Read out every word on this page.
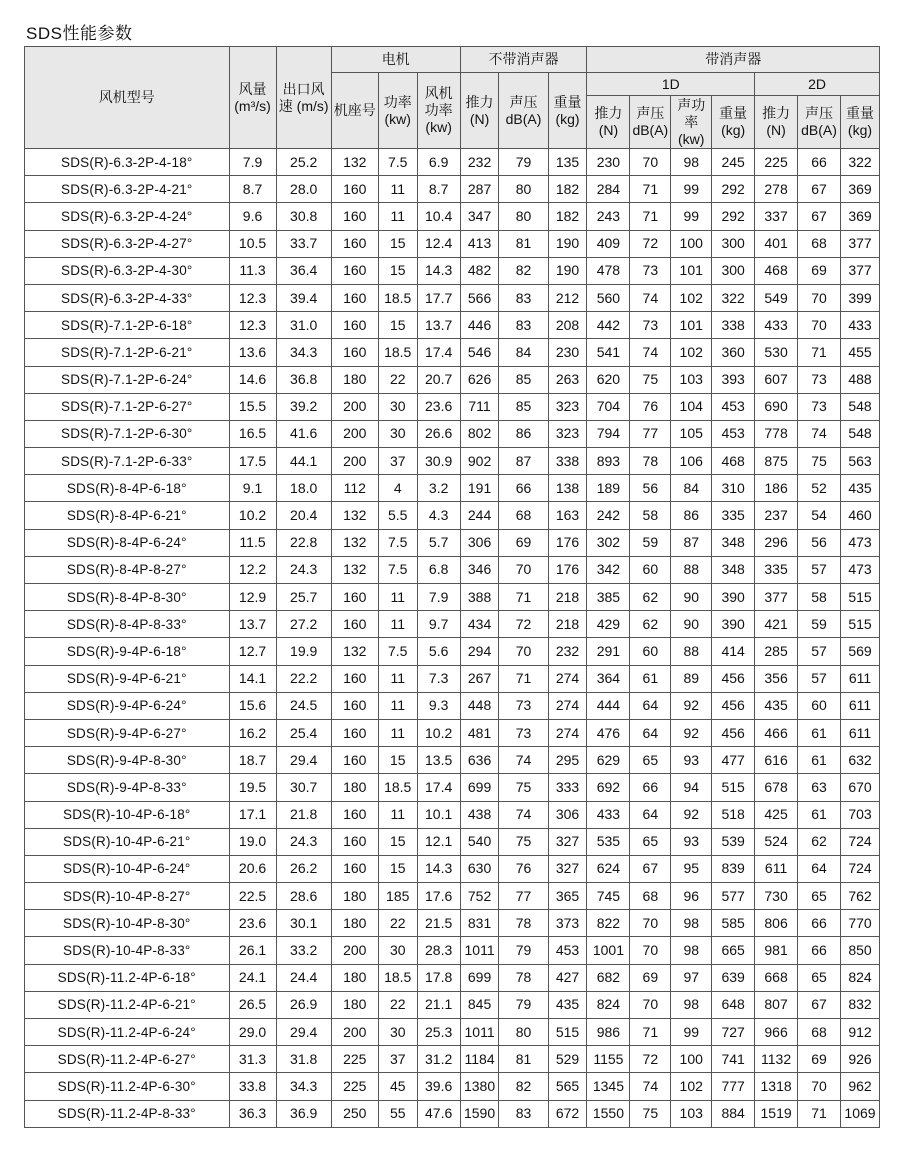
SDS性能参数
风机型号	风量 (m³/s)	出口风速 (m/s)	电机			不带消声器			带消声器						
			机座号	功率 (kw)	风机功率 (kw)	推力 (N)	声压 dB(A)	重量 (kg)	1D				2D		
									推力 (N)	声压 dB(A)	声功率 (kw)	重量 (kg)	推力 (N)	声压 dB(A)	重量 (kg)
SDS(R)-6.3-2P-4-18°	7.9	25.2	132	7.5	6.9	232	79	135	230	70	98	245	225	66	322
SDS(R)-6.3-2P-4-21°	8.7	28.0	160	11	8.7	287	80	182	284	71	99	292	278	67	369
SDS(R)-6.3-2P-4-24°	9.6	30.8	160	11	10.4	347	80	182	243	71	99	292	337	67	369
SDS(R)-6.3-2P-4-27°	10.5	33.7	160	15	12.4	413	81	190	409	72	100	300	401	68	377
SDS(R)-6.3-2P-4-30°	11.3	36.4	160	15	14.3	482	82	190	478	73	101	300	468	69	377
SDS(R)-6.3-2P-4-33°	12.3	39.4	160	18.5	17.7	566	83	212	560	74	102	322	549	70	399
SDS(R)-7.1-2P-6-18°	12.3	31.0	160	15	13.7	446	83	208	442	73	101	338	433	70	433
SDS(R)-7.1-2P-6-21°	13.6	34.3	160	18.5	17.4	546	84	230	541	74	102	360	530	71	455
SDS(R)-7.1-2P-6-24°	14.6	36.8	180	22	20.7	626	85	263	620	75	103	393	607	73	488
SDS(R)-7.1-2P-6-27°	15.5	39.2	200	30	23.6	711	85	323	704	76	104	453	690	73	548
SDS(R)-7.1-2P-6-30°	16.5	41.6	200	30	26.6	802	86	323	794	77	105	453	778	74	548
SDS(R)-7.1-2P-6-33°	17.5	44.1	200	37	30.9	902	87	338	893	78	106	468	875	75	563
SDS(R)-8-4P-6-18°	9.1	18.0	112	4	3.2	191	66	138	189	56	84	310	186	52	435
SDS(R)-8-4P-6-21°	10.2	20.4	132	5.5	4.3	244	68	163	242	58	86	335	237	54	460
SDS(R)-8-4P-6-24°	11.5	22.8	132	7.5	5.7	306	69	176	302	59	87	348	296	56	473
SDS(R)-8-4P-8-27°	12.2	24.3	132	7.5	6.8	346	70	176	342	60	88	348	335	57	473
SDS(R)-8-4P-8-30°	12.9	25.7	160	11	7.9	388	71	218	385	62	90	390	377	58	515
SDS(R)-8-4P-8-33°	13.7	27.2	160	11	9.7	434	72	218	429	62	90	390	421	59	515
SDS(R)-9-4P-6-18°	12.7	19.9	132	7.5	5.6	294	70	232	291	60	88	414	285	57	569
SDS(R)-9-4P-6-21°	14.1	22.2	160	11	7.3	267	71	274	364	61	89	456	356	57	611
SDS(R)-9-4P-6-24°	15.6	24.5	160	11	9.3	448	73	274	444	64	92	456	435	60	611
SDS(R)-9-4P-6-27°	16.2	25.4	160	11	10.2	481	73	274	476	64	92	456	466	61	611
SDS(R)-9-4P-8-30°	18.7	29.4	160	15	13.5	636	74	295	629	65	93	477	616	61	632
SDS(R)-9-4P-8-33°	19.5	30.7	180	18.5	17.4	699	75	333	692	66	94	515	678	63	670
SDS(R)-10-4P-6-18°	17.1	21.8	160	11	10.1	438	74	306	433	64	92	518	425	61	703
SDS(R)-10-4P-6-21°	19.0	24.3	160	15	12.1	540	75	327	535	65	93	539	524	62	724
SDS(R)-10-4P-6-24°	20.6	26.2	160	15	14.3	630	76	327	624	67	95	839	611	64	724
SDS(R)-10-4P-8-27°	22.5	28.6	180	185	17.6	752	77	365	745	68	96	577	730	65	762
SDS(R)-10-4P-8-30°	23.6	30.1	180	22	21.5	831	78	373	822	70	98	585	806	66	770
SDS(R)-10-4P-8-33°	26.1	33.2	200	30	28.3	1011	79	453	1001	70	98	665	981	66	850
SDS(R)-11.2-4P-6-18°	24.1	24.4	180	18.5	17.8	699	78	427	682	69	97	639	668	65	824
SDS(R)-11.2-4P-6-21°	26.5	26.9	180	22	21.1	845	79	435	824	70	98	648	807	67	832
SDS(R)-11.2-4P-6-24°	29.0	29.4	200	30	25.3	1011	80	515	986	71	99	727	966	68	912
SDS(R)-11.2-4P-6-27°	31.3	31.8	225	37	31.2	1184	81	529	1155	72	100	741	1132	69	926
SDS(R)-11.2-4P-6-30°	33.8	34.3	225	45	39.6	1380	82	565	1345	74	102	777	1318	70	962
SDS(R)-11.2-4P-8-33°	36.3	36.9	250	55	47.6	1590	83	672	1550	75	103	884	1519	71	1069
